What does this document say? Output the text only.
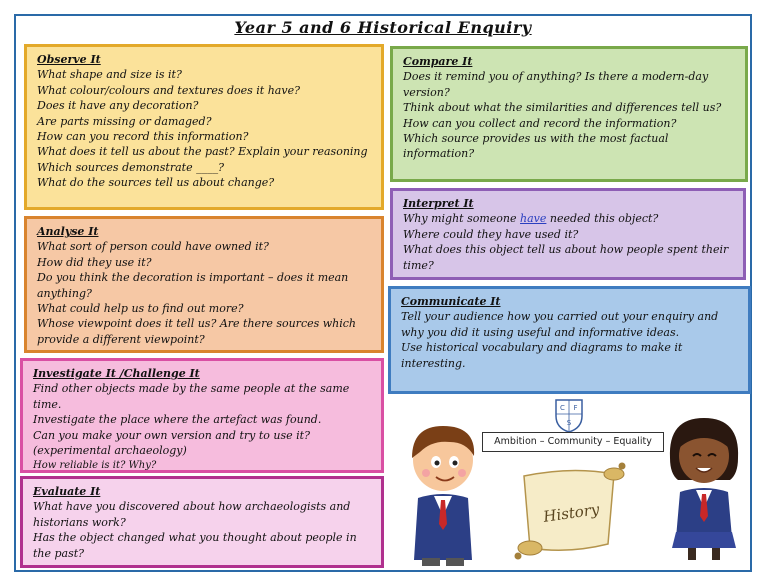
Year 5 and 6 Historical Enquiry
Observe It
What shape and size is it?
What colour/colours and textures does it have?
Does it have any decoration?
Are parts missing or damaged?
How can you record this information?
What does it tell us about the past? Explain your reasoning
Which sources demonstrate ____?
What do the sources tell us about change?
Analyse It
What sort of person could have owned it?
How did they use it?
Do you think the decoration is important – does it mean anything?
What could help us to find out more?
Whose viewpoint does it tell us? Are there sources which provide a different viewpoint?
Investigate It /Challenge It
Find other objects made by the same people at the same time.
Investigate the place where the artefact was found.
Can you make your own version and try to use it? (experimental archaeology)
How reliable is it? Why?
Evaluate It
What have you discovered about how archaeologists and historians work?
Has the object changed what you thought about people in the past?
Compare It
Does it remind you of anything? Is there a modern-day version?
Think about what the similarities and differences tell us?
How can you collect and record the information?
Which source provides us with the most factual information?
Interpret It
Why might someone have needed this object?
Where could they have used it?
What does this object tell us about how people spent their time?
Communicate It
Tell your audience how you carried out your enquiry and why you did it using useful and informative ideas.
Use historical vocabulary and diagrams to make it interesting.
C F
S
Ambition – Community – Equality
History
